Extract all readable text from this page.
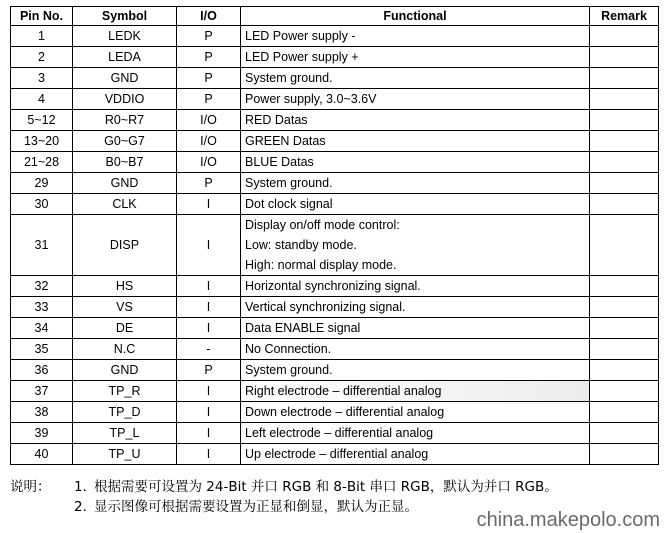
Pin No.	Symbol	I/O	Functional	Remark
1	LEDK	P	LED Power supply -	

2	LEDA	P	LED Power supply +	

3	GND	P	System ground.	

4	VDDIO	P	Power supply, 3.0~3.6V	

5~12	R0~R7	I/O	RED Datas	

13~20	G0~G7	I/O	GREEN Datas	

21~28	B0~B7	I/O	BLUE Datas	

29	GND	P	System ground.	

30	CLK	I	Dot clock signal	

31	DISP	I	Display on/off mode control:
Low: standby mode.
High: normal display mode.	

32	HS	I	Horizontal synchronizing signal.	

33	VS	I	Vertical synchronizing signal.	

34	DE	I	Data ENABLE signal	

35	N.C	-	No Connection.	

36	GND	P	System ground.	

37	TP_R	I	Right electrode – differential analog	

38	TP_D	I	Down electrode – differential analog	

39	TP_L	I	Left electrode – differential analog	

40	TP_U	I	Up electrode – differential analog	

说明：	1. 根据需要可设置为 24-Bit 并口 RGB 和 8-Bit 串口 RGB，默认为并口 RGB。
2. 显示图像可根据需要设置为正显和倒显，默认为正显。
china.makepolo.com
